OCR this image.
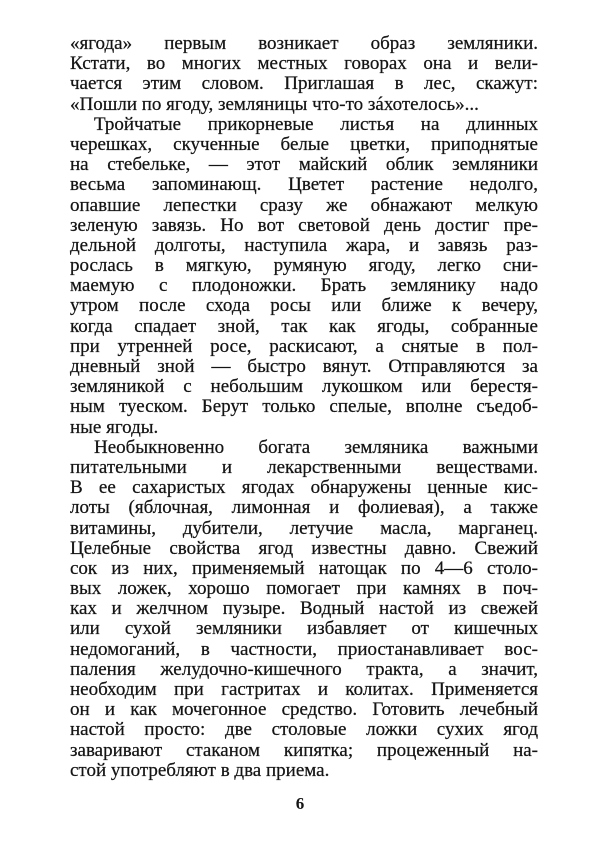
«ягода» первым возникает образ земляники.
Кстати, во многих местных говорах она и вели-
чается этим словом. Приглашая в лес, скажут:
«Пошли по ягоду, земляницы что-то зáхотелось»...
Тройчатые прикорневые листья на длинных
черешках, скученные белые цветки, приподнятые
на стебельке, — этот майский облик земляники
весьма запоминающ. Цветет растение недолго,
опавшие лепестки сразу же обнажают мелкую
зеленую завязь. Но вот световой день достиг пре-
дельной долготы, наступила жара, и завязь раз-
рослась в мягкую, румяную ягоду, легко сни-
маемую с плодоножки. Брать землянику надо
утром после схода росы или ближе к вечеру,
когда спадает зной, так как ягоды, собранные
при утренней росе, раскисают, а снятые в пол-
дневный зной — быстро вянут. Отправляются за
земляникой с небольшим лукошком или берестя-
ным туеском. Берут только спелые, вполне съедоб-
ные ягоды.
Необыкновенно богата земляника важными
питательными и лекарственными веществами.
В ее сахаристых ягодах обнаружены ценные кис-
лоты (яблочная, лимонная и фолиевая), а также
витамины, дубители, летучие масла, марганец.
Целебные свойства ягод известны давно. Свежий
сок из них, применяемый натощак по 4—6 столо-
вых ложек, хорошо помогает при камнях в поч-
ках и желчном пузыре. Водный настой из свежей
или сухой земляники избавляет от кишечных
недомоганий, в частности, приостанавливает вос-
паления желудочно-кишечного тракта, а значит,
необходим при гастритах и колитах. Применяется
он и как мочегонное средство. Готовить лечебный
настой просто: две столовые ложки сухих ягод
заваривают стаканом кипятка; процеженный на-
стой употребляют в два приема.
6
